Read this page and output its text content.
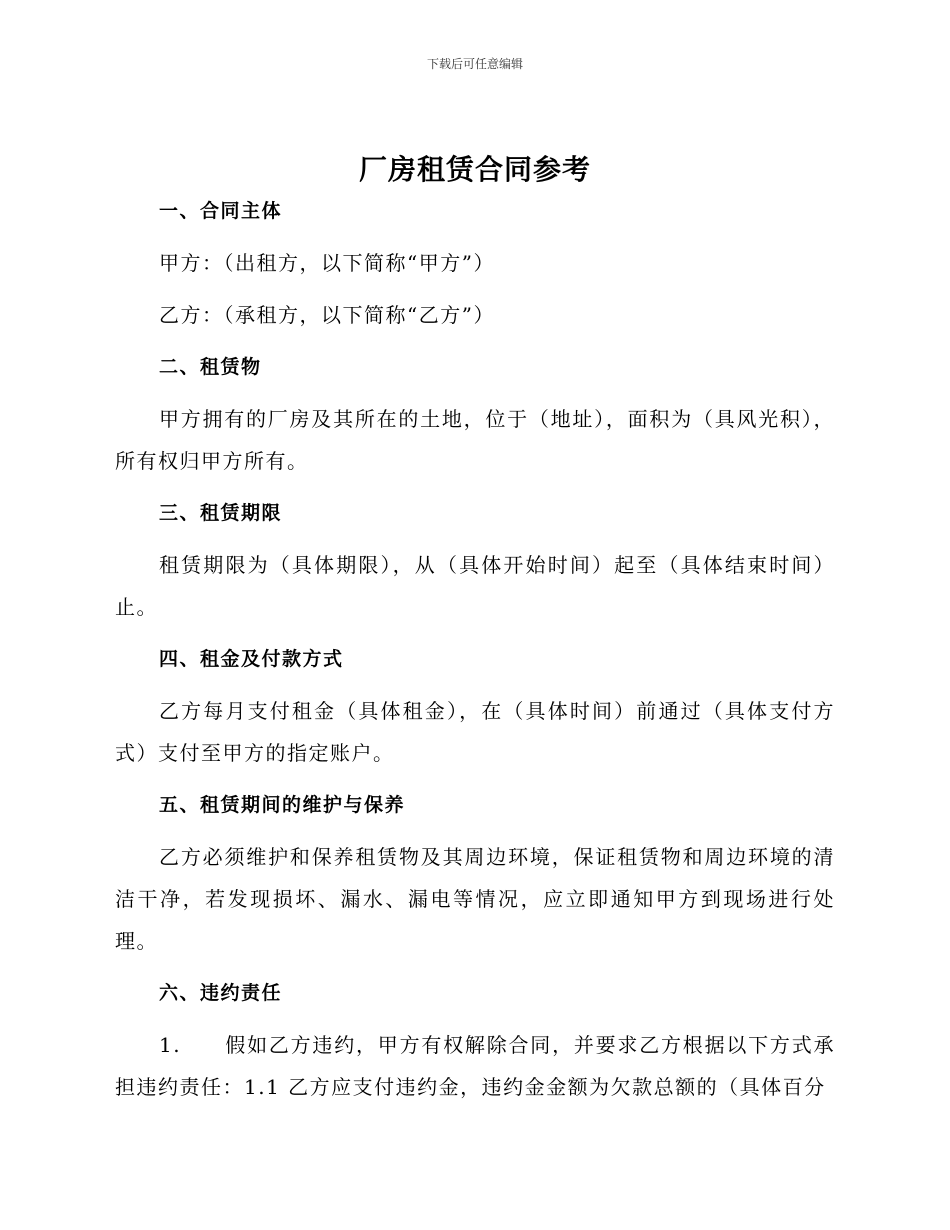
下载后可任意编辑
厂房租赁合同参考
一、合同主体
甲方：（出租方，以下简称“甲方”）
乙方：（承租方，以下简称“乙方”）
二、租赁物
甲方拥有的厂房及其所在的土地，位于（地址），面积为（具风光积），所有权归甲方所有。
三、租赁期限
租赁期限为（具体期限），从（具体开始时间）起至（具体结束时间）止。
四、租金及付款方式
乙方每月支付租金（具体租金），在（具体时间）前通过（具体支付方式）支付至甲方的指定账户。
五、租赁期间的维护与保养
乙方必须维护和保养租赁物及其周边环境，保证租赁物和周边环境的清洁干净，若发现损坏、漏水、漏电等情况，应立即通知甲方到现场进行处理。
六、违约责任
1. 假如乙方违约，甲方有权解除合同，并要求乙方根据以下方式承担违约责任：1.1 乙方应支付违约金，违约金金额为欠款总额的（具体百分
